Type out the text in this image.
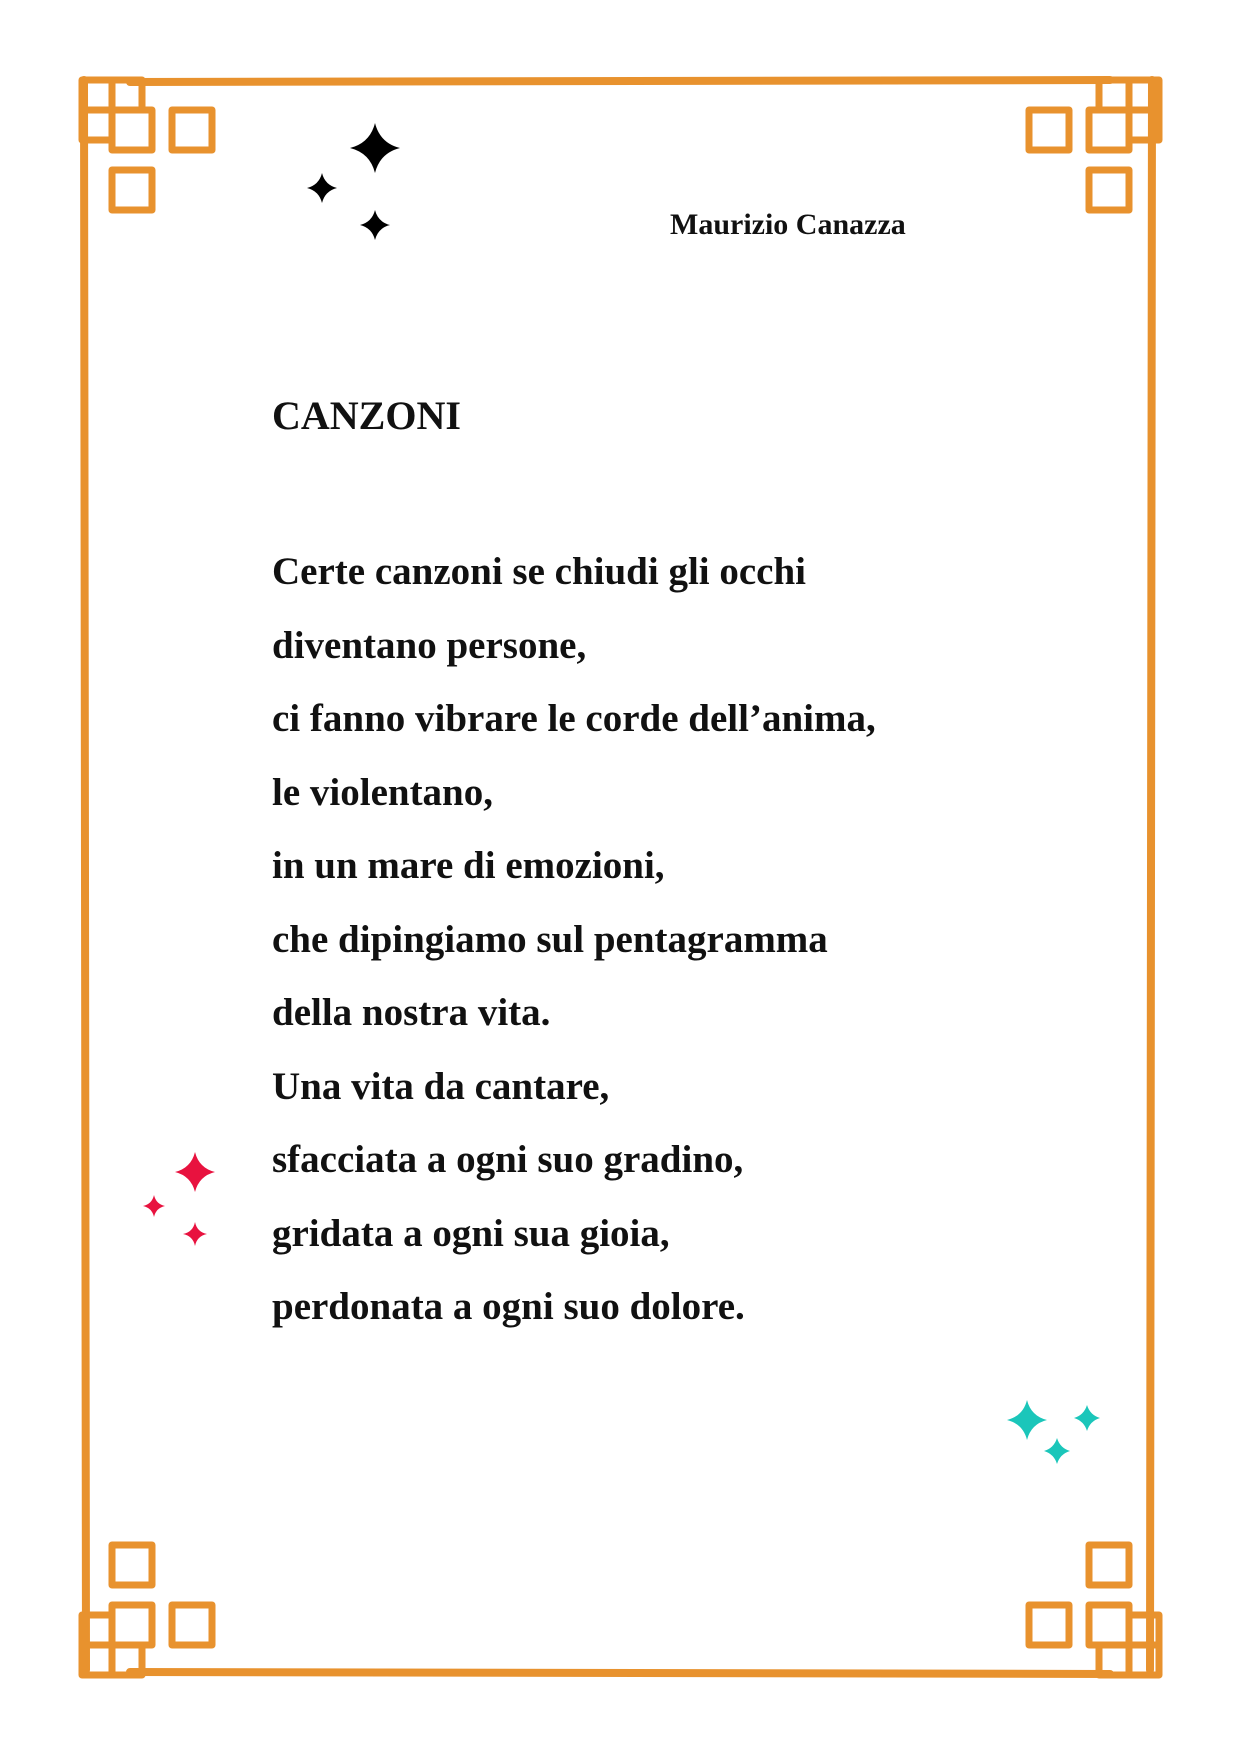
Maurizio Canazza
CANZONI
Certe canzoni se chiudi gli occhi
diventano persone,
ci fanno vibrare le corde dell’anima,
le violentano,
in un mare di emozioni,
che dipingiamo sul pentagramma
della nostra vita.
Una vita da cantare,
sfacciata a ogni suo gradino,
gridata a ogni sua gioia,
perdonata a ogni suo dolore.
